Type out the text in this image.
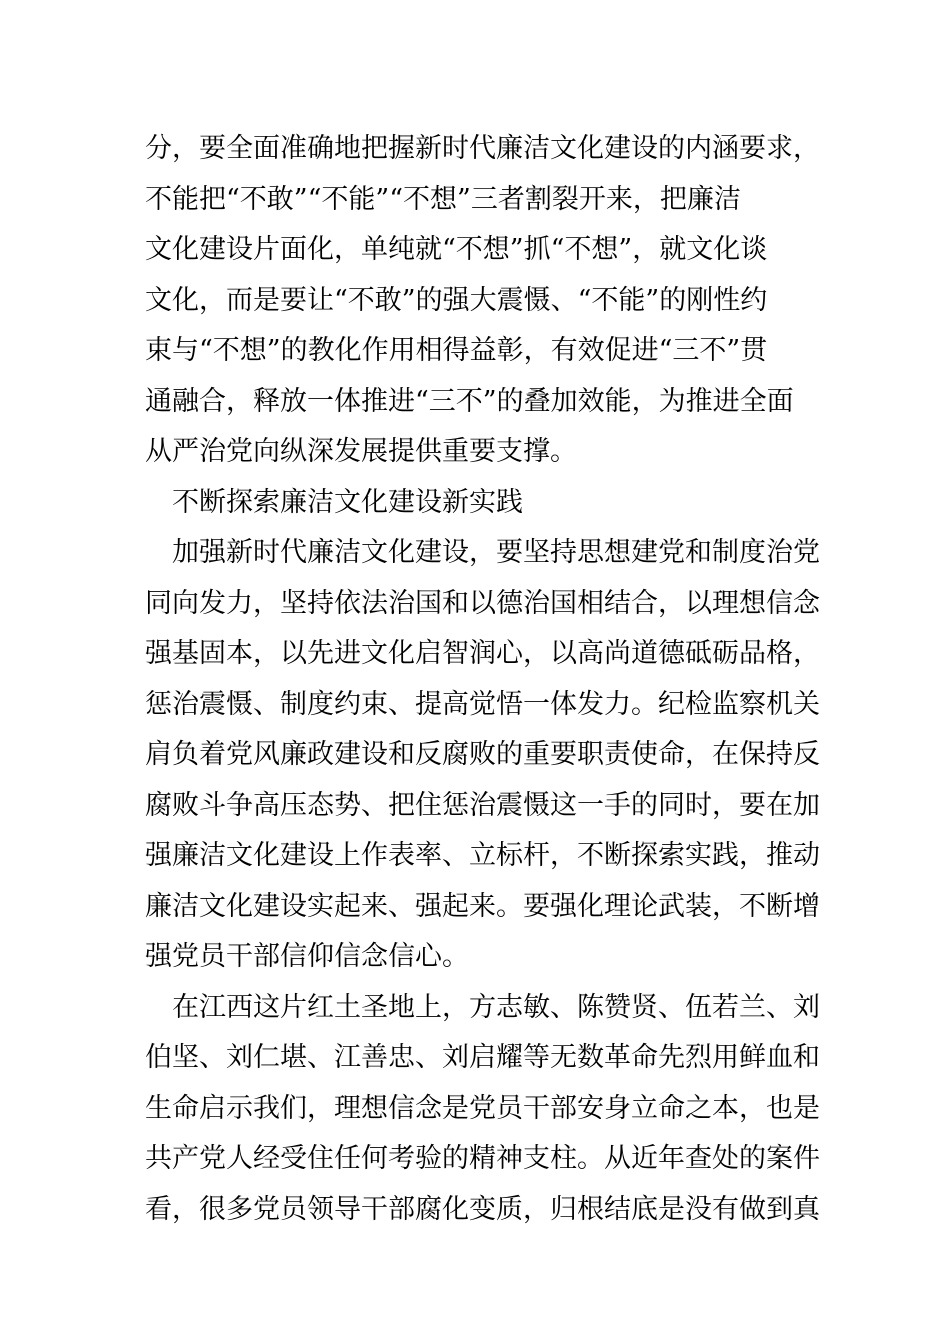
分，要全面准确地把握新时代廉洁文化建设的内涵要求，
不能把“不敢”“不能”“不想”三者割裂开来，把廉洁
文化建设片面化，单纯就“不想”抓“不想”，就文化谈
文化，而是要让“不敢”的强大震慑、“不能”的刚性约
束与“不想”的教化作用相得益彰，有效促进“三不”贯
通融合，释放一体推进“三不”的叠加效能，为推进全面
从严治党向纵深发展提供重要支撑。
　不断探索廉洁文化建设新实践
　加强新时代廉洁文化建设，要坚持思想建党和制度治党
同向发力，坚持依法治国和以德治国相结合，以理想信念
强基固本，以先进文化启智润心，以高尚道德砥砺品格，
惩治震慑、制度约束、提高觉悟一体发力。纪检监察机关
肩负着党风廉政建设和反腐败的重要职责使命，在保持反
腐败斗争高压态势、把住惩治震慑这一手的同时，要在加
强廉洁文化建设上作表率、立标杆，不断探索实践，推动
廉洁文化建设实起来、强起来。要强化理论武装，不断增
强党员干部信仰信念信心。
　在江西这片红土圣地上，方志敏、陈赞贤、伍若兰、刘
伯坚、刘仁堪、江善忠、刘启耀等无数革命先烈用鲜血和
生命启示我们，理想信念是党员干部安身立命之本，也是
共产党人经受住任何考验的精神支柱。从近年查处的案件
看，很多党员领导干部腐化变质，归根结底是没有做到真
